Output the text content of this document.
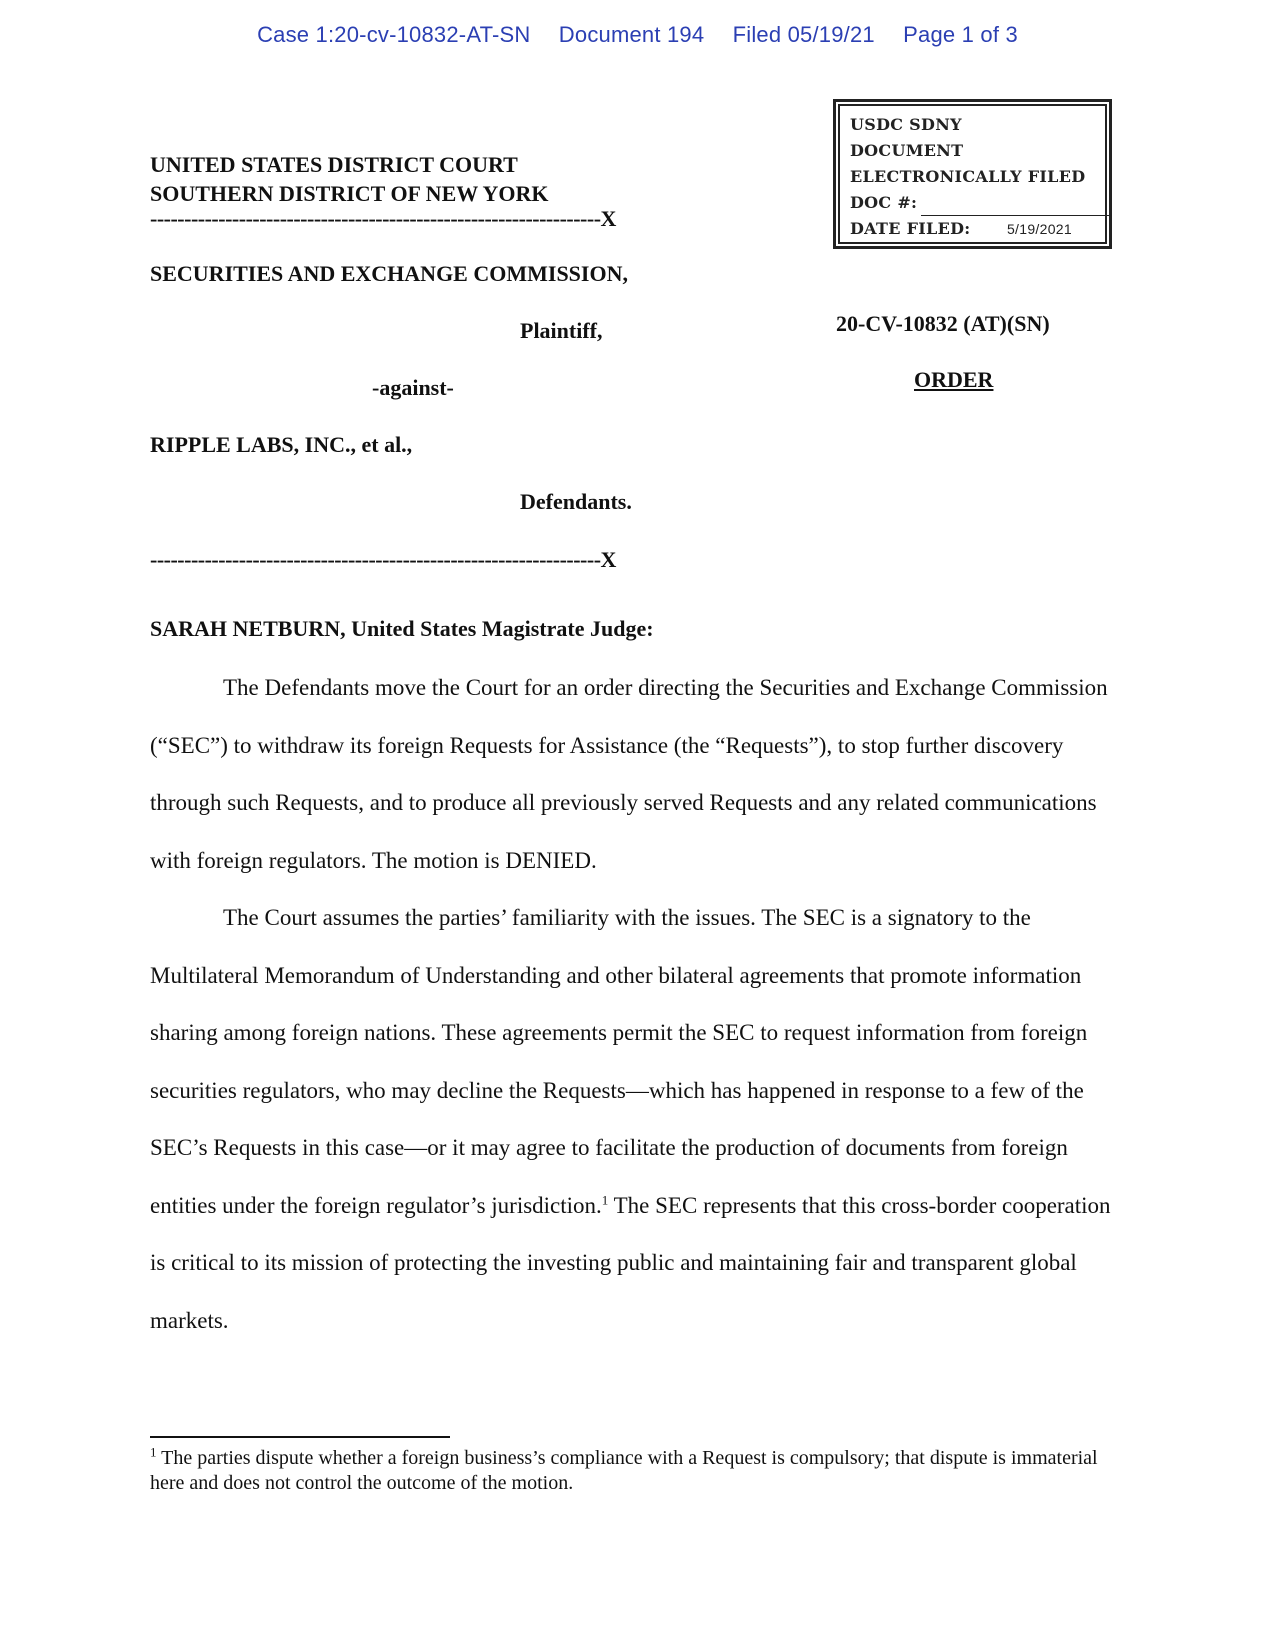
Case 1:20-cv-10832-AT-SN Document 194 Filed 05/19/21 Page 1 of 3
USDC SDNY
DOCUMENT
ELECTRONICALLY FILED
DOC #:
DATE FILED:	5/19/2021
UNITED STATES DISTRICT COURT
SOUTHERN DISTRICT OF NEW YORK
------------------------------------------------------------------X
SECURITIES AND EXCHANGE COMMISSION,
Plaintiff,
-against-
RIPPLE LABS, INC., et al.,
Defendants.
------------------------------------------------------------------X
20-CV-10832 (AT)(SN)
ORDER
SARAH NETBURN, United States Magistrate Judge:

The Defendants move the Court for an order directing the Securities and Exchange Commission (“SEC”) to withdraw its foreign Requests for Assistance (the “Requests”), to stop further discovery through such Requests, and to produce all previously served Requests and any related communications with foreign regulators. The motion is DENIED.

The Court assumes the parties’ familiarity with the issues. The SEC is a signatory to the Multilateral Memorandum of Understanding and other bilateral agreements that promote information sharing among foreign nations. These agreements permit the SEC to request information from foreign securities regulators, who may decline the Requests—which has happened in response to a few of the SEC’s Requests in this case—or it may agree to facilitate the production of documents from foreign entities under the foreign regulator’s jurisdiction.$^1$ The SEC represents that this cross-border cooperation is critical to its mission of protecting the investing public and maintaining fair and transparent global markets.

$^1$ The parties dispute whether a foreign business’s compliance with a Request is compulsory; that dispute is immaterial here and does not control the outcome of the motion.
